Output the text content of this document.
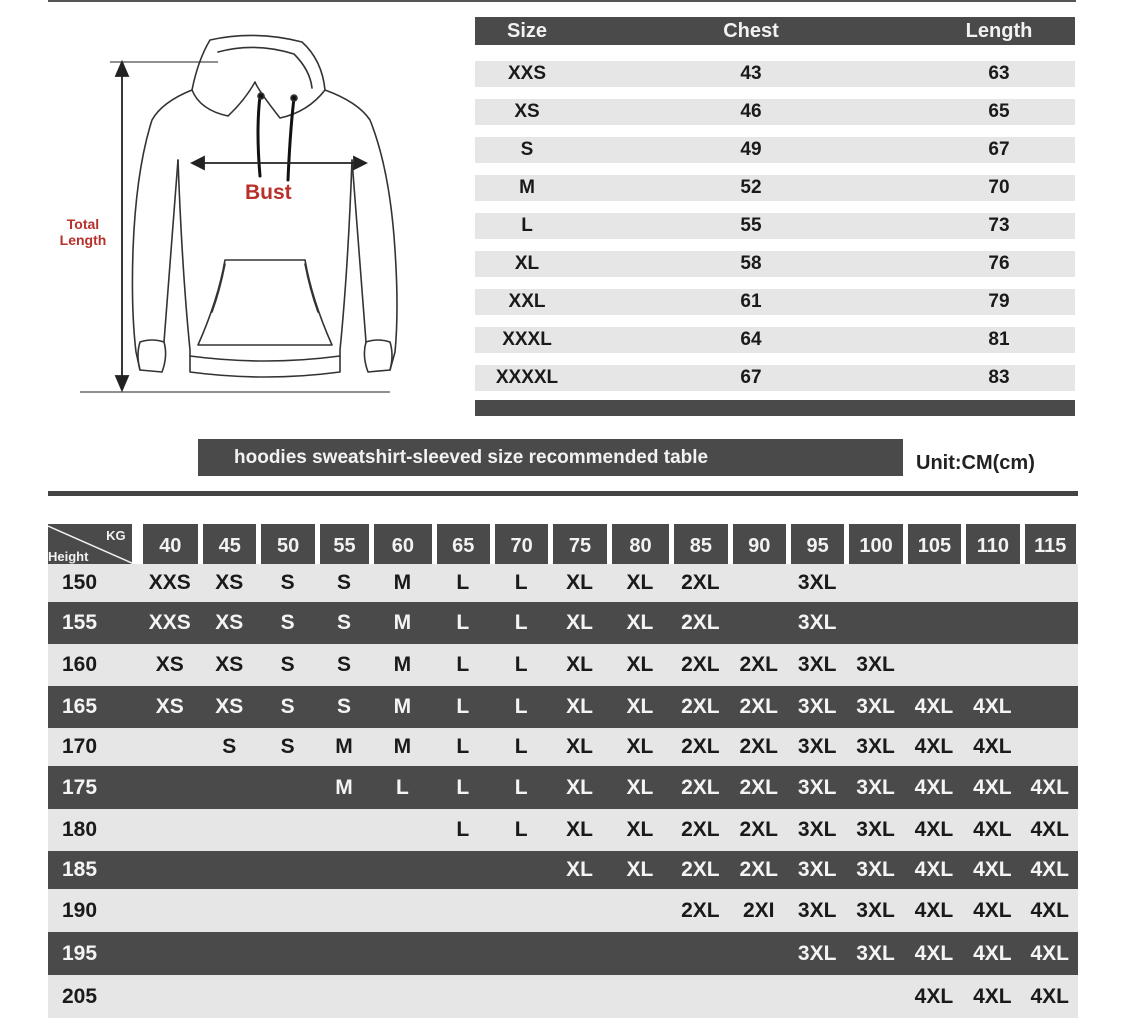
Bust
Total Length
Size	Chest	Length
XXS	43	63
XS	46	65
S	49	67
M	52	70
L	55	73
XL	58	76
XXL	61	79
XXXL	64	81
XXXXL	67	83
hoodies sweatshirt-sleeved size recommended table	Unit:CM(cm)
KG
Height	40	45	50	55	60	65	70	75	80	85	90	95	100	105	110	115

150	XXS	XS	S	S	M	L	L	XL	XL	2XL		3XL				
155	XXS	XS	S	S	M	L	L	XL	XL	2XL		3XL				
160	XS	XS	S	S	M	L	L	XL	XL	2XL	2XL	3XL	3XL			
165	XS	XS	S	S	M	L	L	XL	XL	2XL	2XL	3XL	3XL	4XL	4XL	
170		S	S	M	M	L	L	XL	XL	2XL	2XL	3XL	3XL	4XL	4XL	
175				M	L	L	L	XL	XL	2XL	2XL	3XL	3XL	4XL	4XL	4XL
180						L	L	XL	XL	2XL	2XL	3XL	3XL	4XL	4XL	4XL
185								XL	XL	2XL	2XL	3XL	3XL	4XL	4XL	4XL
190										2XL	2XI	3XL	3XL	4XL	4XL	4XL
195												3XL	3XL	4XL	4XL	4XL
205														4XL	4XL	4XL
